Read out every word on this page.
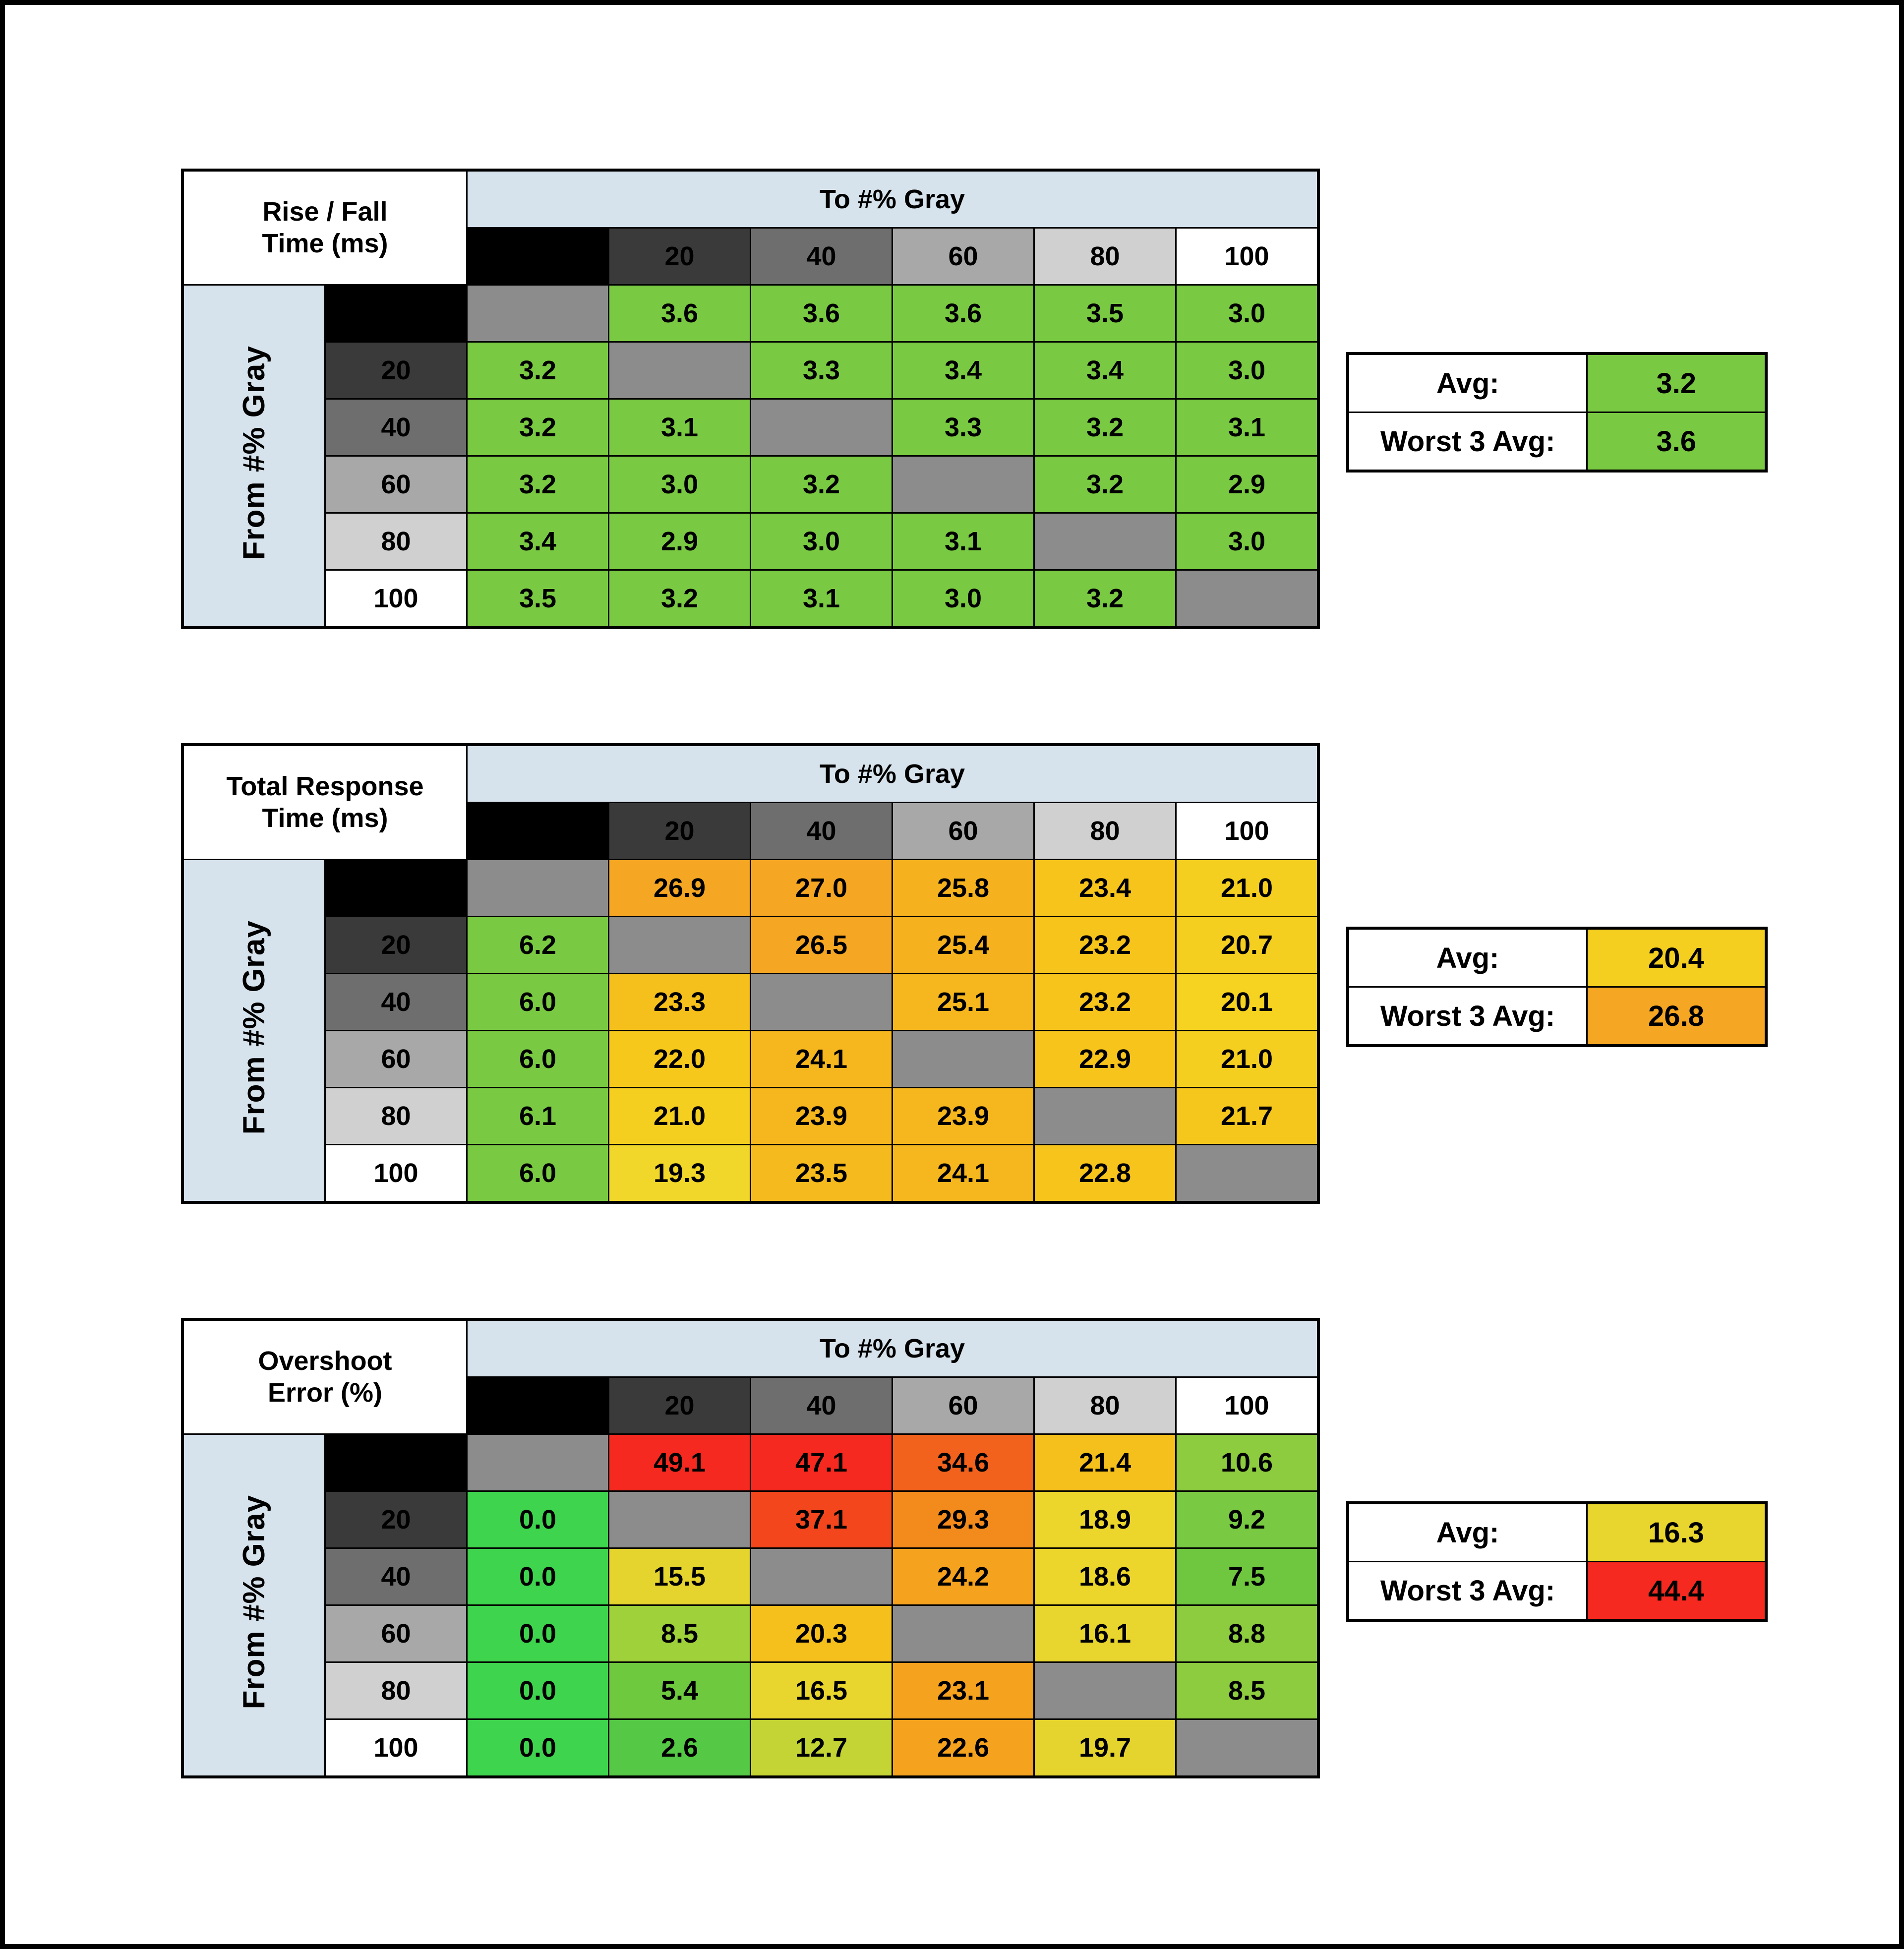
Rise / Fall
Time (ms)		To #% Gray					
		0	20	40	60	80	100
From #% Gray	0		3.6	3.6	3.6	3.5	3.0
	20	3.2		3.3	3.4	3.4	3.0
	40	3.2	3.1		3.3	3.2	3.1
	60	3.2	3.0	3.2		3.2	2.9
	80	3.4	2.9	3.0	3.1		3.0
	100	3.5	3.2	3.1	3.0	3.2	
Avg:	3.2
Worst 3 Avg:	3.6
Total Response
Time (ms)		To #% Gray					
		0	20	40	60	80	100
From #% Gray	0		26.9	27.0	25.8	23.4	21.0
	20	6.2		26.5	25.4	23.2	20.7
	40	6.0	23.3		25.1	23.2	20.1
	60	6.0	22.0	24.1		22.9	21.0
	80	6.1	21.0	23.9	23.9		21.7
	100	6.0	19.3	23.5	24.1	22.8	
Avg:	20.4
Worst 3 Avg:	26.8
Overshoot
Error (%)		To #% Gray					
		0	20	40	60	80	100
From #% Gray	0		49.1	47.1	34.6	21.4	10.6
	20	0.0		37.1	29.3	18.9	9.2
	40	0.0	15.5		24.2	18.6	7.5
	60	0.0	8.5	20.3		16.1	8.8
	80	0.0	5.4	16.5	23.1		8.5
	100	0.0	2.6	12.7	22.6	19.7	
Avg:	16.3
Worst 3 Avg:	44.4
